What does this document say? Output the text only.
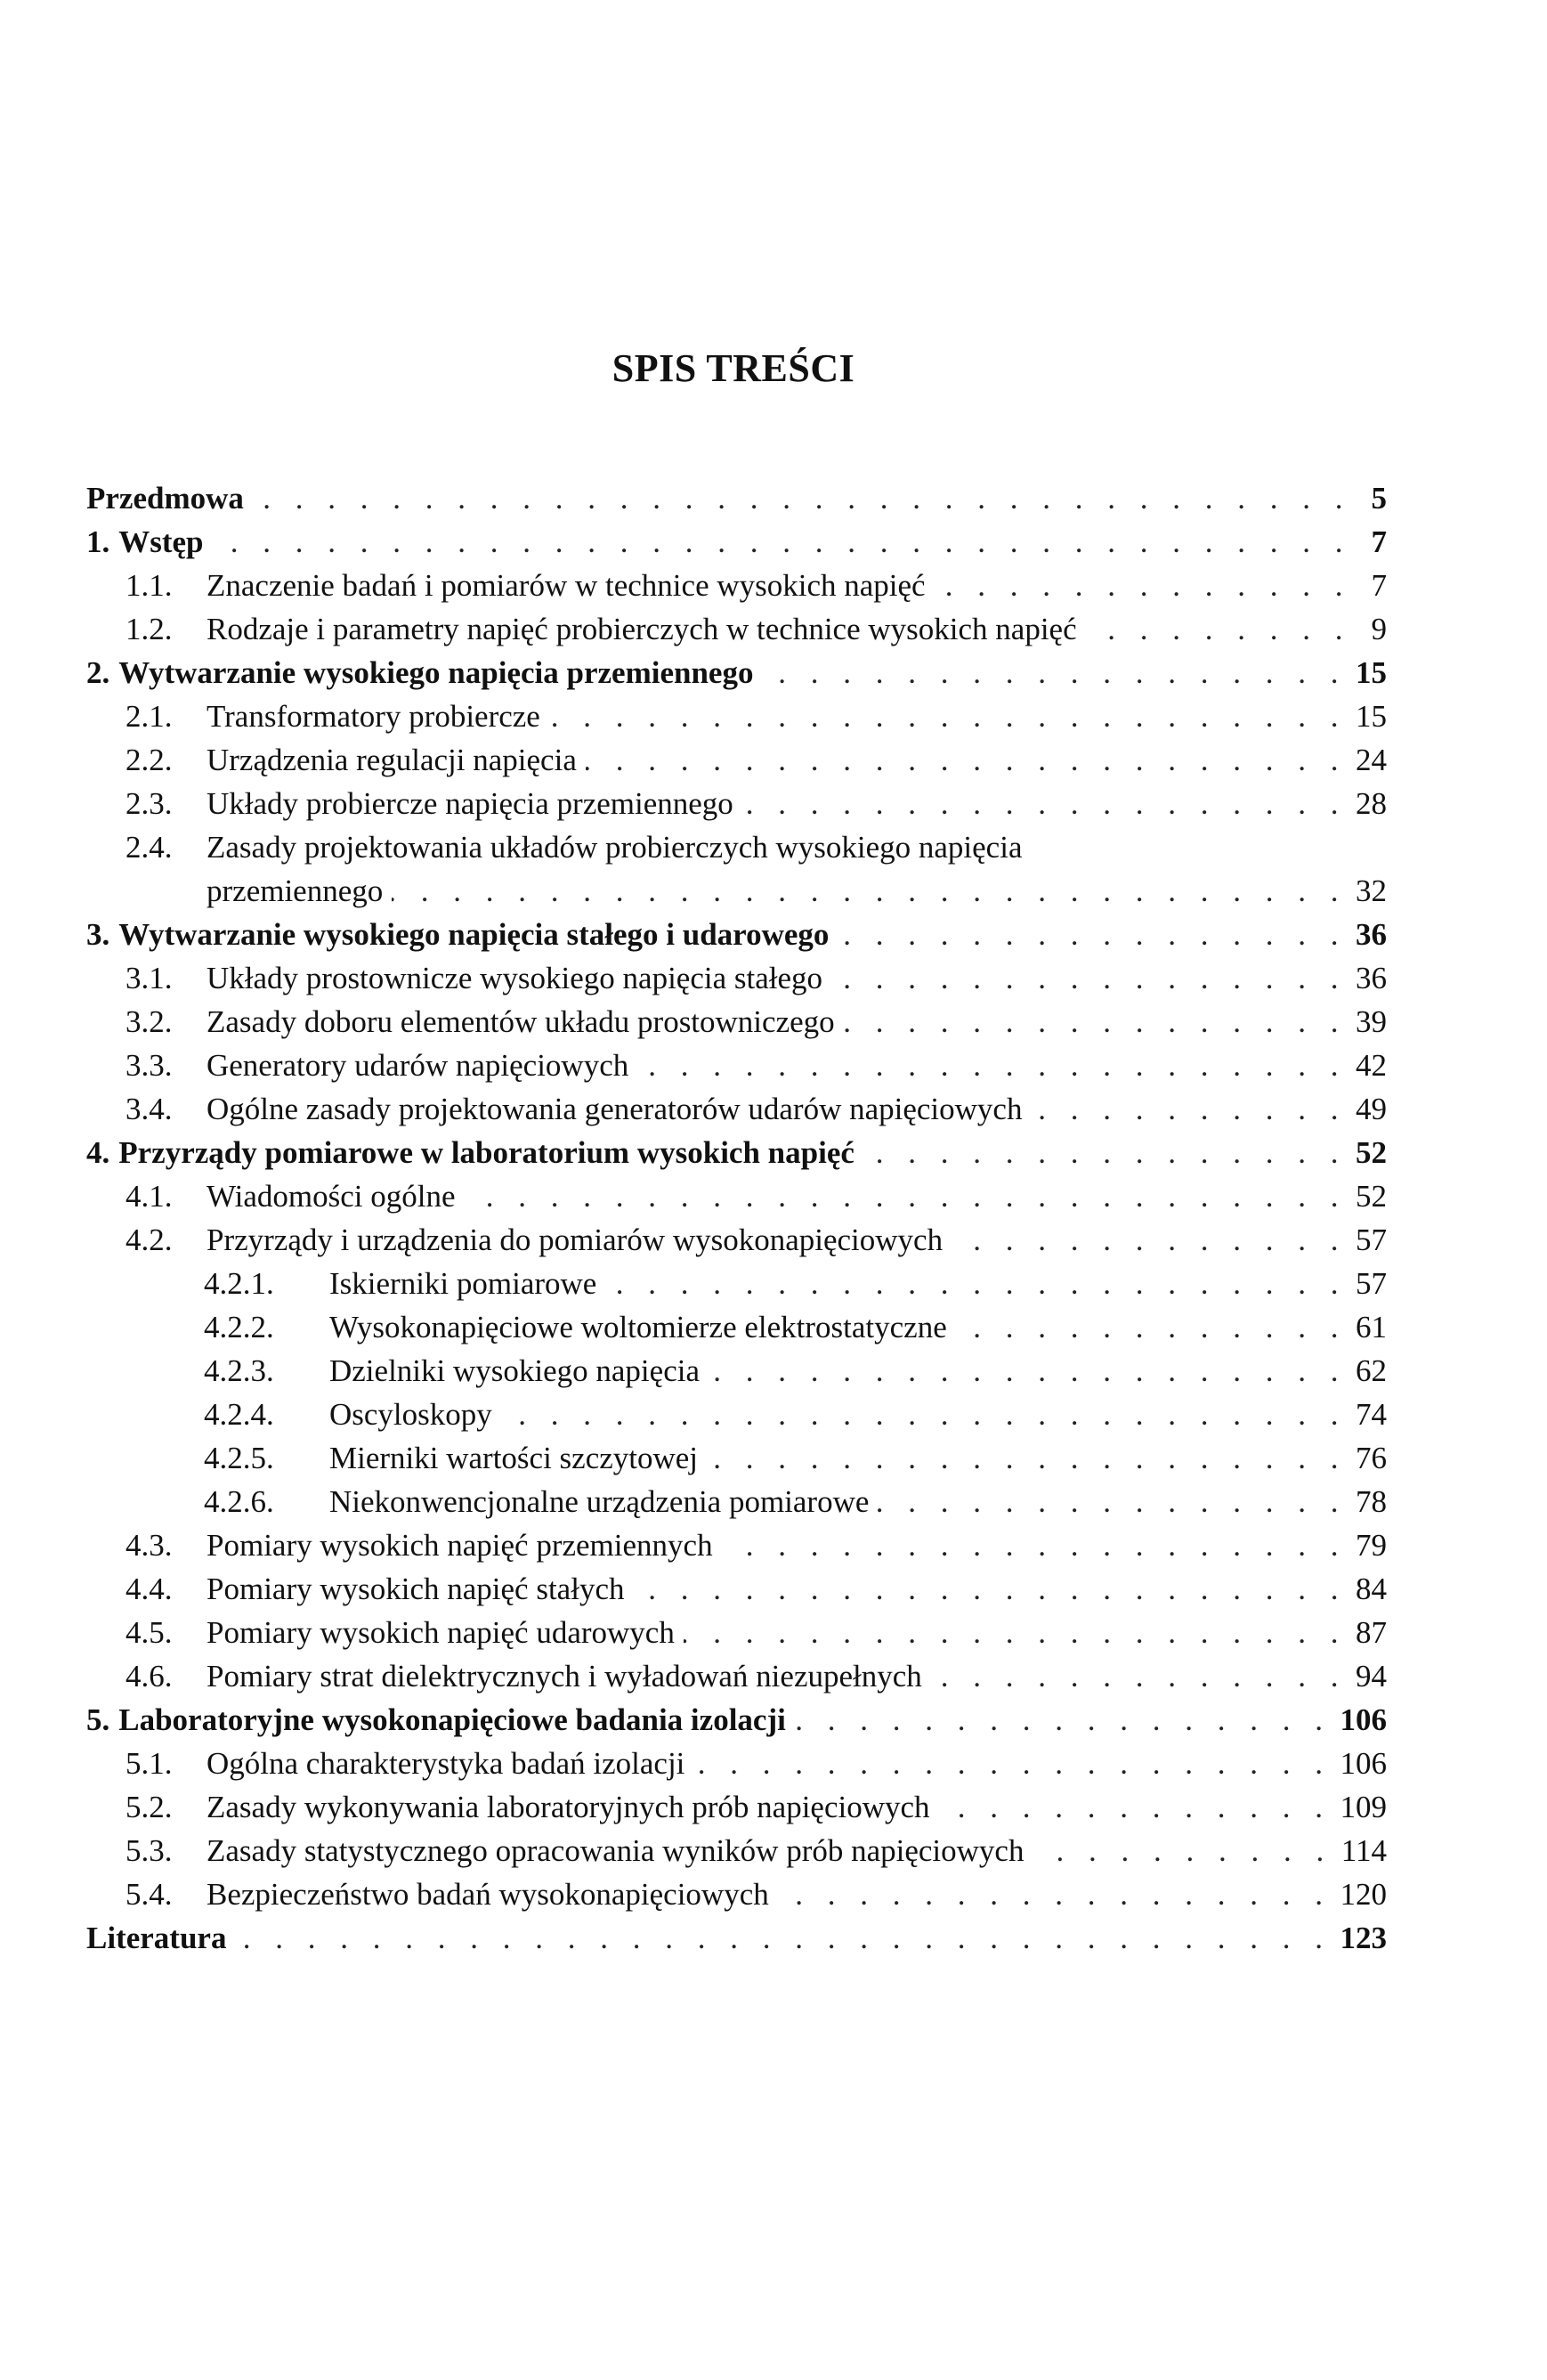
SPIS TREŚCI
Przedmowa . . .	5
1. Wstęp . . .	7
1.1.	Znaczenie badań i pomiarów w technice wysokich napięć . . .	7
1.2.	Rodzaje i parametry napięć probierczych w technice wysokich napięć . . .	9
2. Wytwarzanie wysokiego napięcia przemiennego . . .	15
2.1.	Transformatory probiercze . . .	15
2.2.	Urządzenia regulacji napięcia . . .	24
2.3.	Układy probiercze napięcia przemiennego . . .	28
2.4.	Zasady projektowania układów probierczych wysokiego napięcia
przemiennego . . .	32
3. Wytwarzanie wysokiego napięcia stałego i udarowego . . .	36
3.1.	Układy prostownicze wysokiego napięcia stałego . . .	36
3.2.	Zasady doboru elementów układu prostowniczego . . .	39
3.3.	Generatory udarów napięciowych . . .	42
3.4.	Ogólne zasady projektowania generatorów udarów napięciowych . . .	49
4. Przyrządy pomiarowe w laboratorium wysokich napięć . . .	52
4.1.	Wiadomości ogólne . . .	52
4.2.	Przyrządy i urządzenia do pomiarów wysokonapięciowych . . .	57
4.2.1.	Iskierniki pomiarowe . . .	57
4.2.2.	Wysokonapięciowe woltomierze elektrostatyczne . . .	61
4.2.3.	Dzielniki wysokiego napięcia . . .	62
4.2.4.	Oscyloskopy . . .	74
4.2.5.	Mierniki wartości szczytowej . . .	76
4.2.6.	Niekonwencjonalne urządzenia pomiarowe . . .	78
4.3.	Pomiary wysokich napięć przemiennych . . .	79
4.4.	Pomiary wysokich napięć stałych . . .	84
4.5.	Pomiary wysokich napięć udarowych . . .	87
4.6.	Pomiary strat dielektrycznych i wyładowań niezupełnych . . .	94
5. Laboratoryjne wysokonapięciowe badania izolacji . . .	106
5.1.	Ogólna charakterystyka badań izolacji . . .	106
5.2.	Zasady wykonywania laboratoryjnych prób napięciowych . . .	109
5.3.	Zasady statystycznego opracowania wyników prób napięciowych . . .	114
5.4.	Bezpieczeństwo badań wysokonapięciowych . . .	120
Literatura . . .	123
